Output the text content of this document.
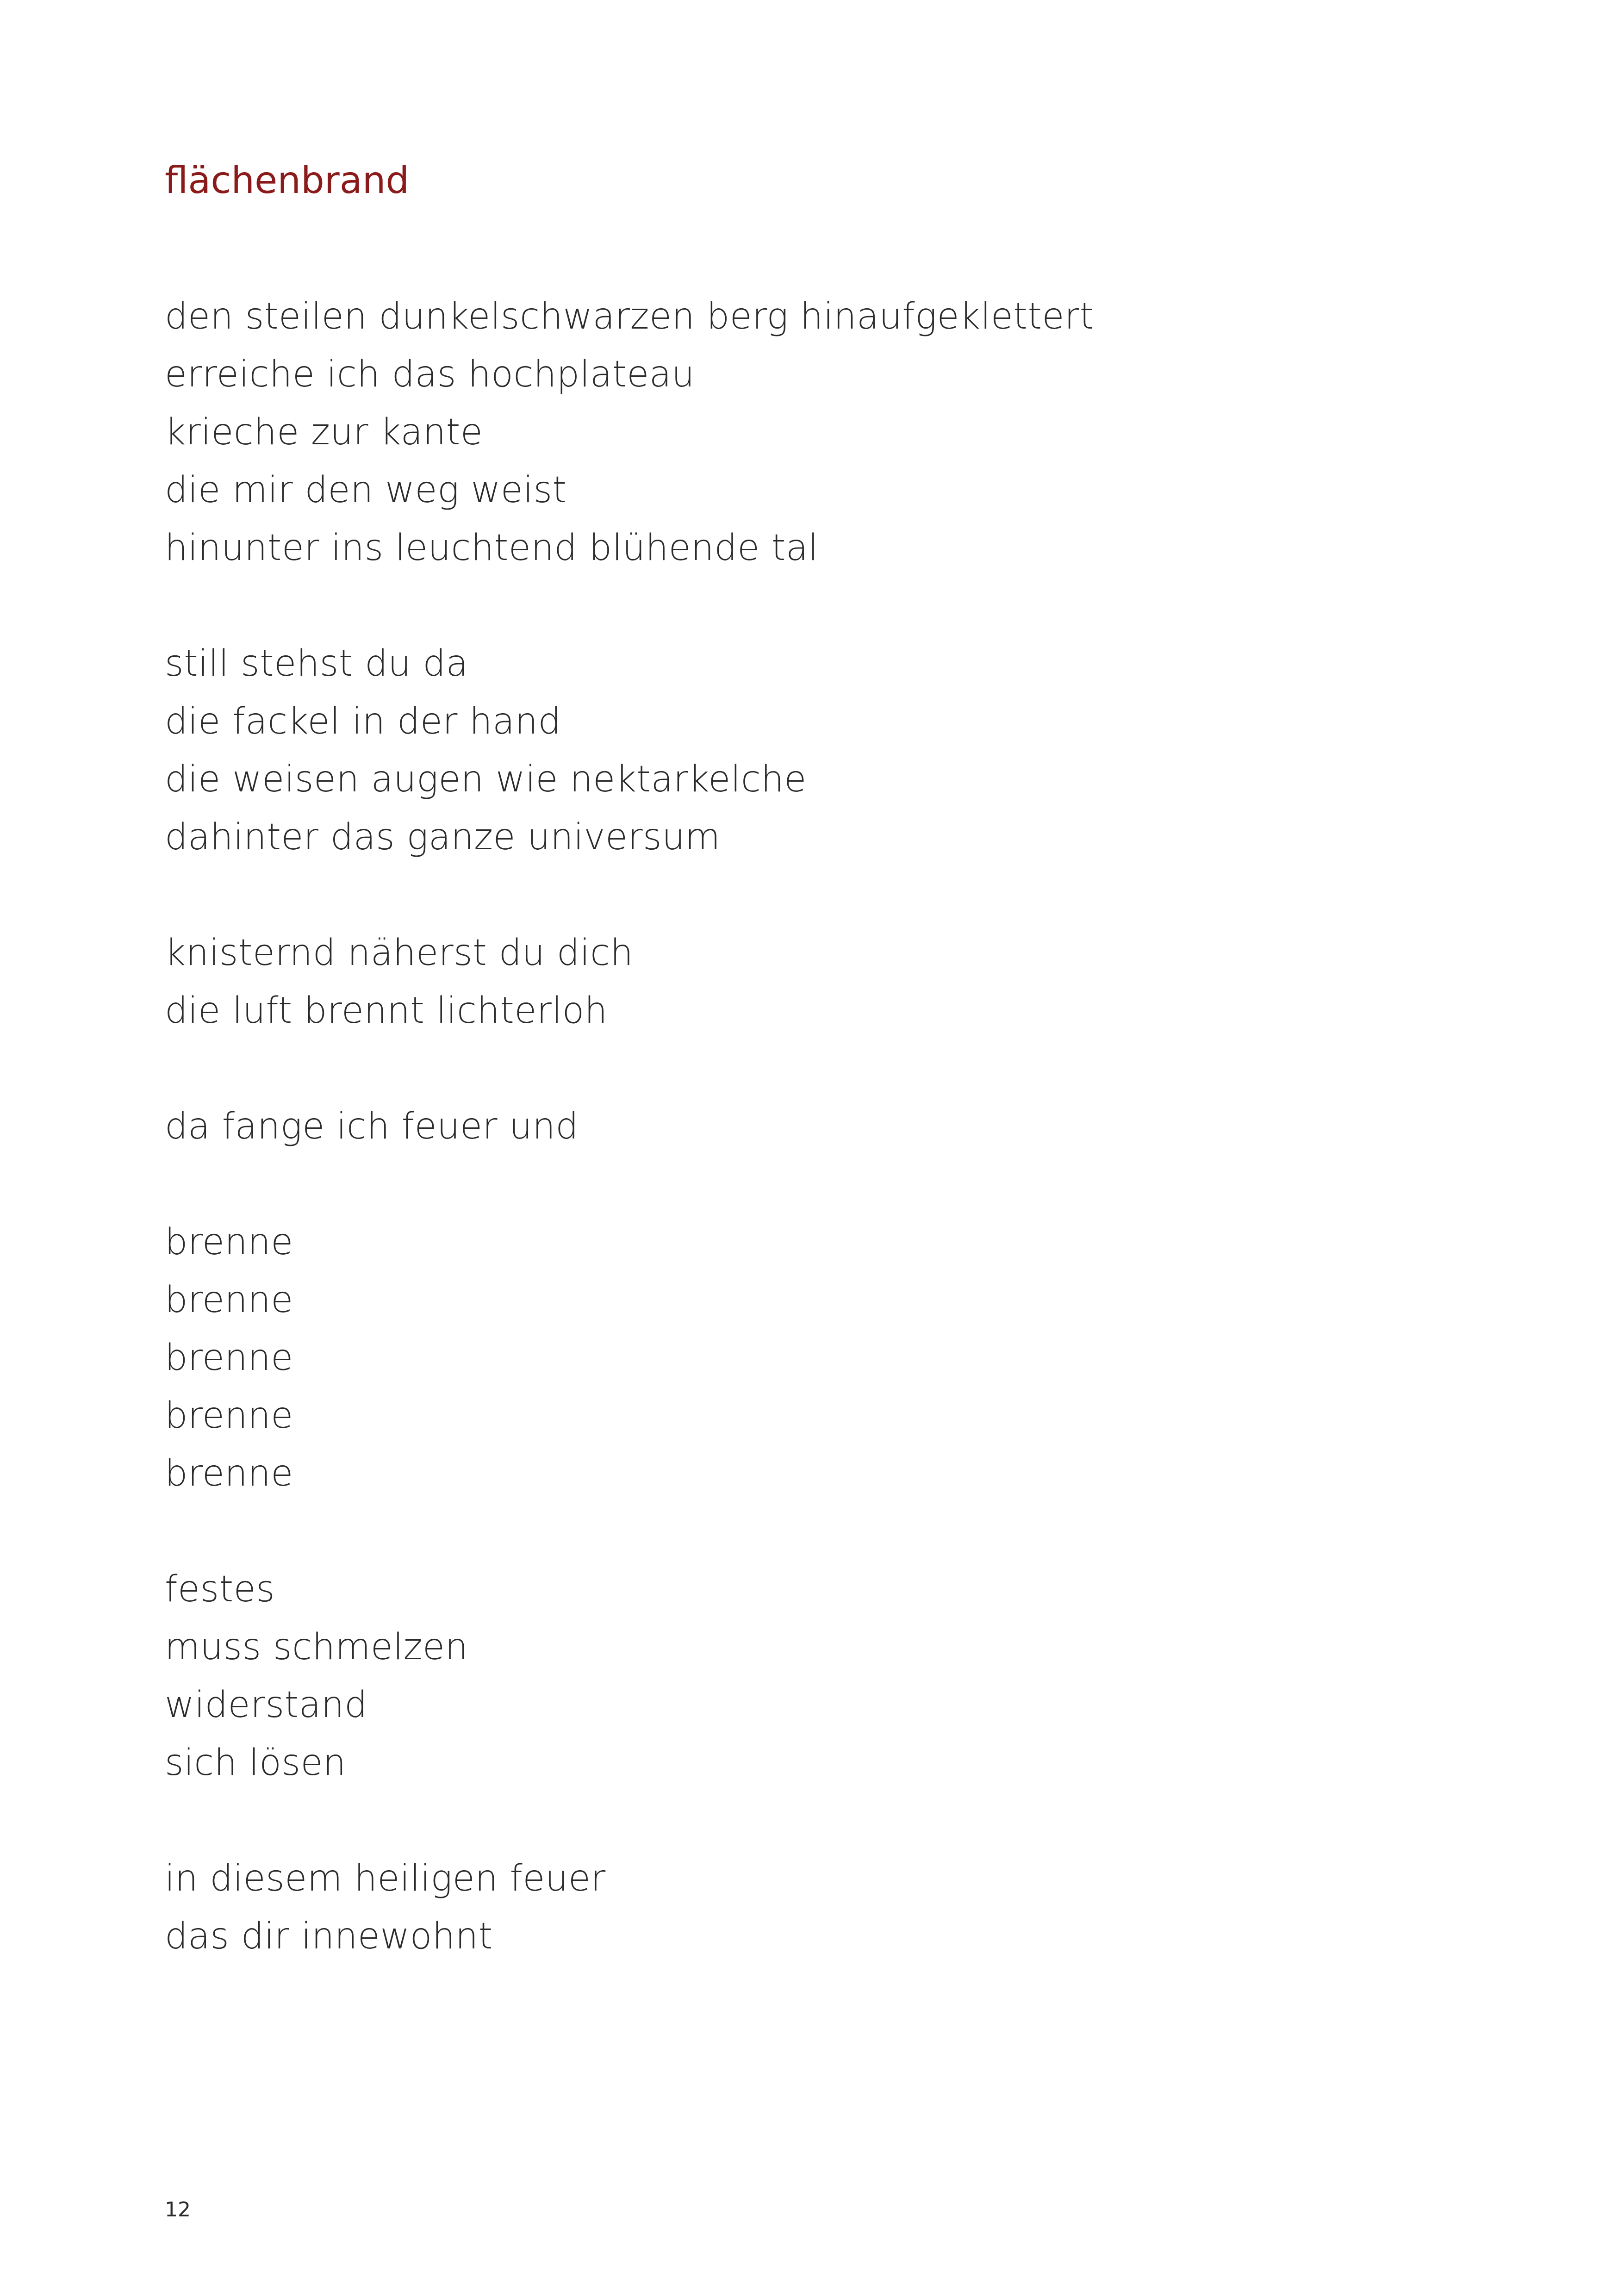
flächenbrand
den steilen dunkelschwarzen berg hinaufgeklettert
erreiche ich das hochplateau
krieche zur kante
die mir den weg weist
hinunter ins leuchtend blühende tal
still stehst du da
die fackel in der hand
die weisen augen wie nektarkelche
dahinter das ganze universum
knisternd näherst du dich
die luft brennt lichterloh
da fange ich feuer und
brenne
brenne
brenne
brenne
brenne
festes
muss schmelzen
widerstand
sich lösen
in diesem heiligen feuer
das dir innewohnt

12
